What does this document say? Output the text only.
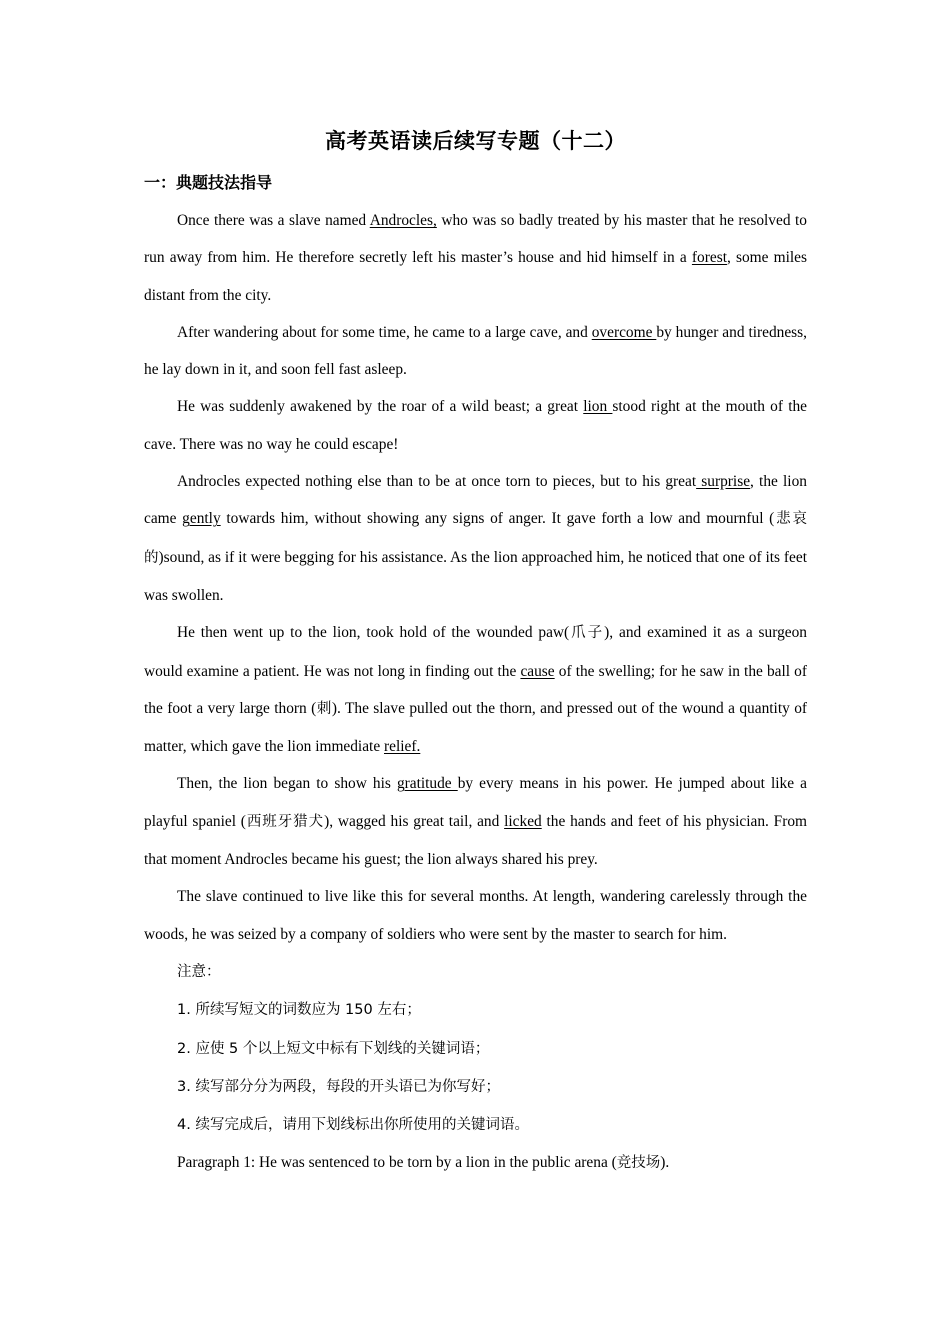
高考英语读后续写专题（十二）
一：典题技法指导

Once there was a slave named Androcles, who was so badly treated by his master that he resolved to run away from him. He therefore secretly left his master’s house and hid himself in a forest, some miles distant from the city.

After wandering about for some time, he came to a large cave, and overcome by hunger and tiredness, he lay down in it, and soon fell fast asleep.

He was suddenly awakened by the roar of a wild beast; a great lion stood right at the mouth of the cave. There was no way he could escape!

Androcles expected nothing else than to be at once torn to pieces, but to his great surprise, the lion came gently towards him, without showing any signs of anger. It gave forth a low and mournful (悲哀的)sound, as if it were begging for his assistance. As the lion approached him, he noticed that one of its feet was swollen.

He then went up to the lion, took hold of the wounded paw(爪子), and examined it as a surgeon would examine a patient. He was not long in finding out the cause of the swelling; for he saw in the ball of the foot a very large thorn (刺). The slave pulled out the thorn, and pressed out of the wound a quantity of matter, which gave the lion immediate relief.

Then, the lion began to show his gratitude by every means in his power. He jumped about like a playful spaniel (西班牙猎犬), wagged his great tail, and licked the hands and feet of his physician. From that moment Androcles became his guest; the lion always shared his prey.

The slave continued to live like this for several months. At length, wandering carelessly through the woods, he was seized by a company of soldiers who were sent by the master to search for him.

注意：

1. 所续写短文的词数应为 150 左右；

2. 应使 5 个以上短文中标有下划线的关键词语；

3. 续写部分分为两段，每段的开头语已为你写好；

4. 续写完成后，请用下划线标出你所使用的关键词语。

Paragraph 1: He was sentenced to be torn by a lion in the public arena (竞技场).
